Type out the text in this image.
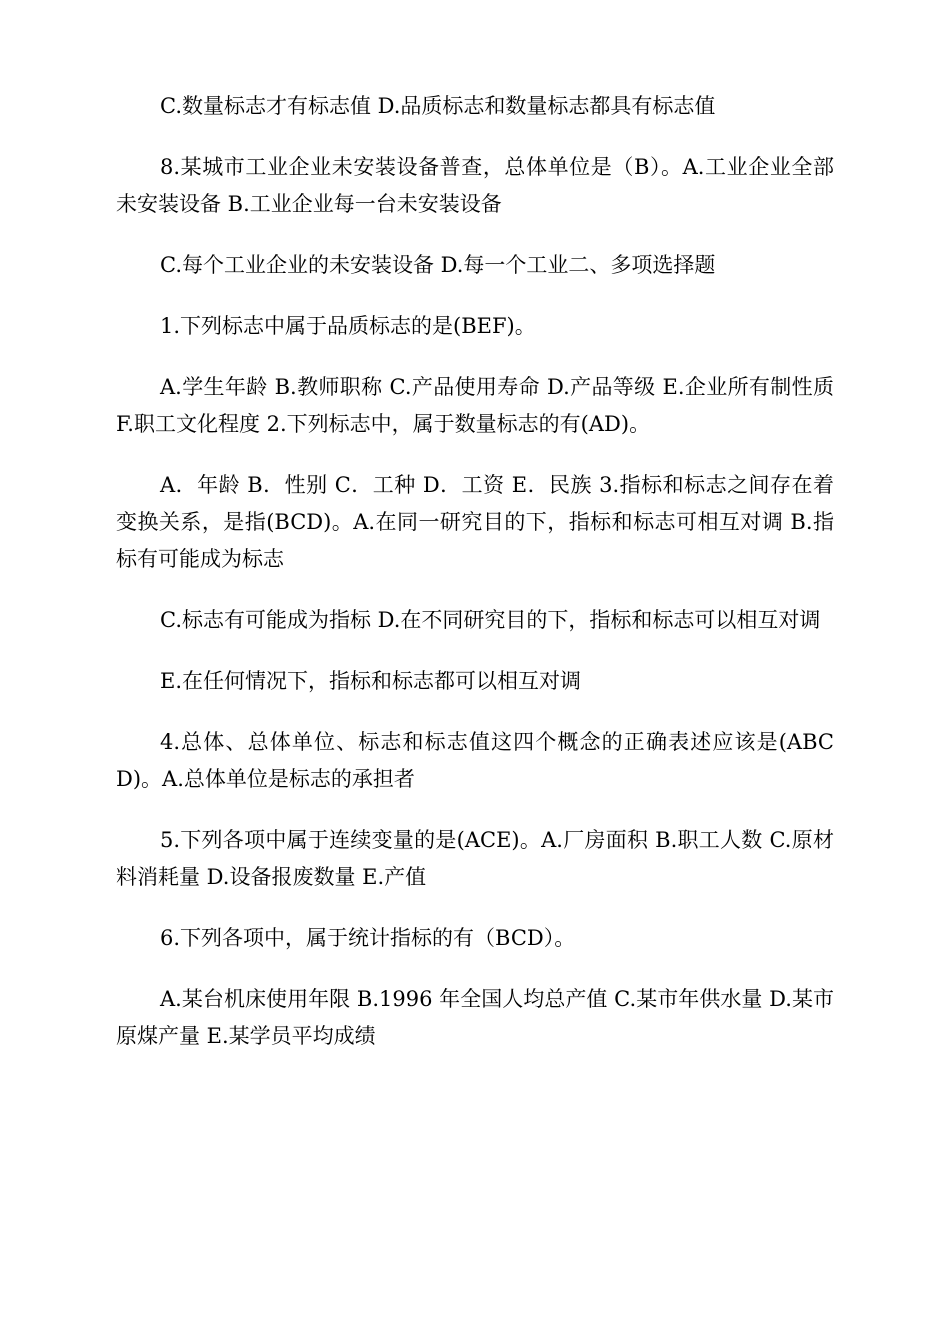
C.数量标志才有标志值 D.品质标志和数量标志都具有标志值

8.某城市工业企业未安装设备普查，总体单位是（B）。A.工业企业全部未安装设备 B.工业企业每一台未安装设备

C.每个工业企业的未安装设备 D.每一个工业二、多项选择题

1.下列标志中属于品质标志的是(BEF)。

A.学生年龄 B.教师职称 C.产品使用寿命 D.产品等级 E.企业所有制性质 F.职工文化程度 2.下列标志中，属于数量标志的有(AD)。

A．年龄 B．性别 C．工种 D．工资 E．民族 3.指标和标志之间存在着变换关系，是指(BCD)。A.在同一研究目的下，指标和标志可相互对调 B.指标有可能成为标志

C.标志有可能成为指标 D.在不同研究目的下，指标和标志可以相互对调

E.在任何情况下，指标和标志都可以相互对调

4.总体、总体单位、标志和标志值这四个概念的正确表述应该是(ABCD)。A.总体单位是标志的承担者

5.下列各项中属于连续变量的是(ACE)。A.厂房面积 B.职工人数 C.原材料消耗量 D.设备报废数量 E.产值

6.下列各项中，属于统计指标的有（BCD）。

A.某台机床使用年限 B.1996 年全国人均总产值 C.某市年供水量 D.某市原煤产量 E.某学员平均成绩
